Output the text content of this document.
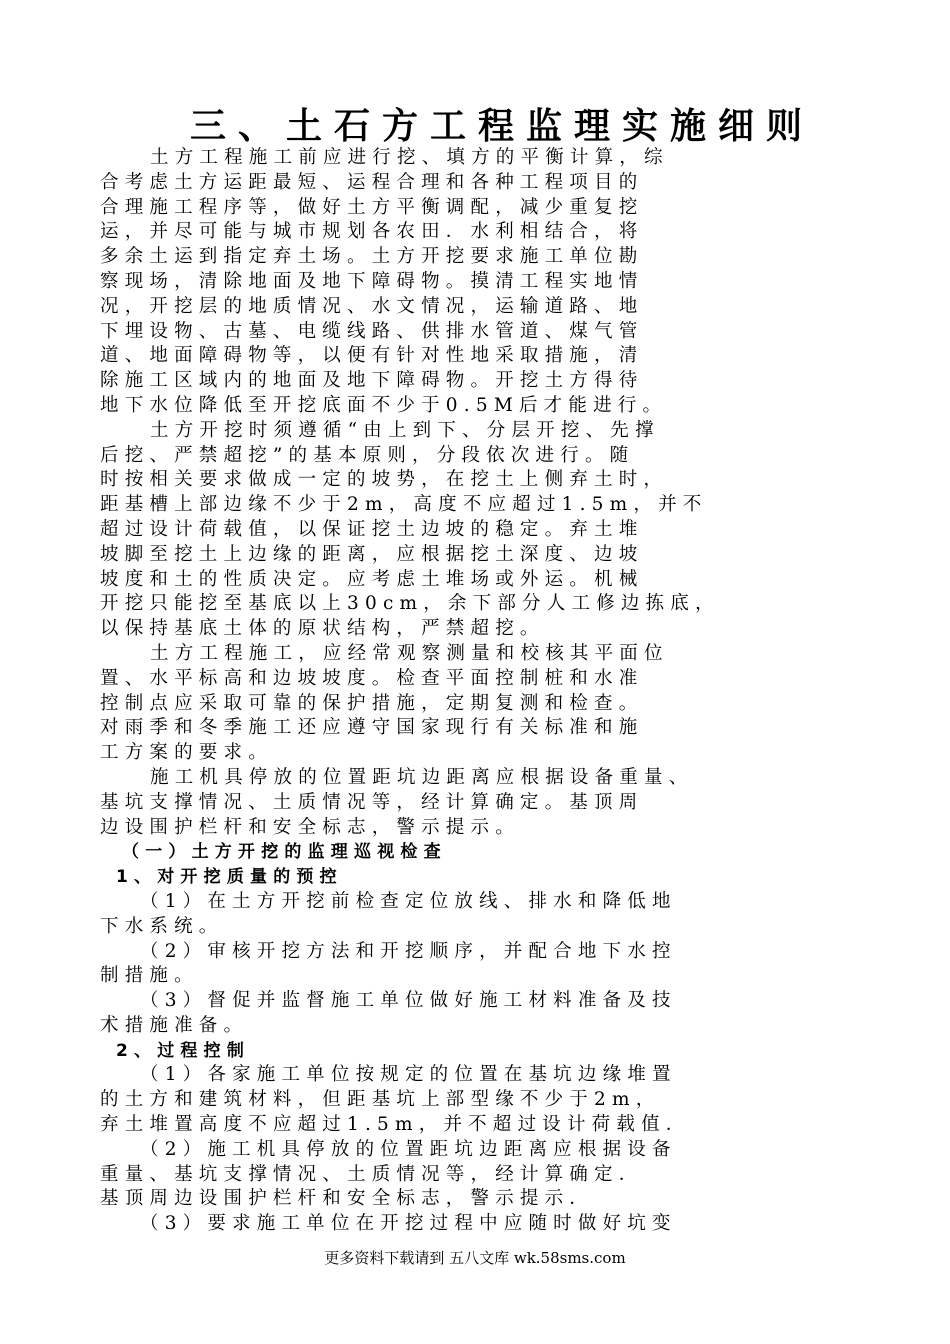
三、土石方工程监理实施细则
土方工程施工前应进行挖、填方的平衡计算，综
合考虑土方运距最短、运程合理和各种工程项目的
合理施工程序等，做好土方平衡调配，减少重复挖
运，并尽可能与城市规划各农田．水利相结合，将
多余土运到指定弃土场。土方开挖要求施工单位勘
察现场，清除地面及地下障碍物。摸清工程实地情
况，开挖层的地质情况、水文情况，运输道路、地
下埋设物、古墓、电缆线路、供排水管道、煤气管
道、地面障碍物等，以便有针对性地采取措施，清
除施工区域内的地面及地下障碍物。开挖土方得待
地下水位降低至开挖底面不少于0.5M后才能进行。
土方开挖时须遵循“由上到下、分层开挖、先撑
后挖、严禁超挖”的基本原则，分段依次进行。随
时按相关要求做成一定的坡势，在挖土上侧弃土时，
距基槽上部边缘不少于2m，高度不应超过1.5m，并不
超过设计荷载值，以保证挖土边坡的稳定。弃土堆
坡脚至挖土上边缘的距离，应根据挖土深度、边坡
坡度和土的性质决定。应考虑土堆场或外运。机械
开挖只能挖至基底以上30cm，余下部分人工修边拣底，
以保持基底土体的原状结构，严禁超挖。
土方工程施工，应经常观察测量和校核其平面位
置、水平标高和边坡坡度。检查平面控制桩和水准
控制点应采取可靠的保护措施，定期复测和检查。
对雨季和冬季施工还应遵守国家现行有关标准和施
工方案的要求。
施工机具停放的位置距坑边距离应根据设备重量、
基坑支撑情况、土质情况等，经计算确定。基顶周
边设围护栏杆和安全标志，警示提示。
（一）土方开挖的监理巡视检查
1、对开挖质量的预控
（1）在土方开挖前检查定位放线、排水和降低地
下水系统。
（2）审核开挖方法和开挖顺序，并配合地下水控
制措施。
（3）督促并监督施工单位做好施工材料准备及技
术措施准备。
2、过程控制
（1）各家施工单位按规定的位置在基坑边缘堆置
的土方和建筑材料，但距基坑上部型缘不少于2m，
弃土堆置高度不应超过1.5m，并不超过设计荷载值．
（2）施工机具停放的位置距坑边距离应根据设备
重量、基坑支撑情况、土质情况等，经计算确定．
基顶周边设围护栏杆和安全标志，警示提示．
（3）要求施工单位在开挖过程中应随时做好坑变
更多资料下载请到 五八文库 wk.58sms.com
